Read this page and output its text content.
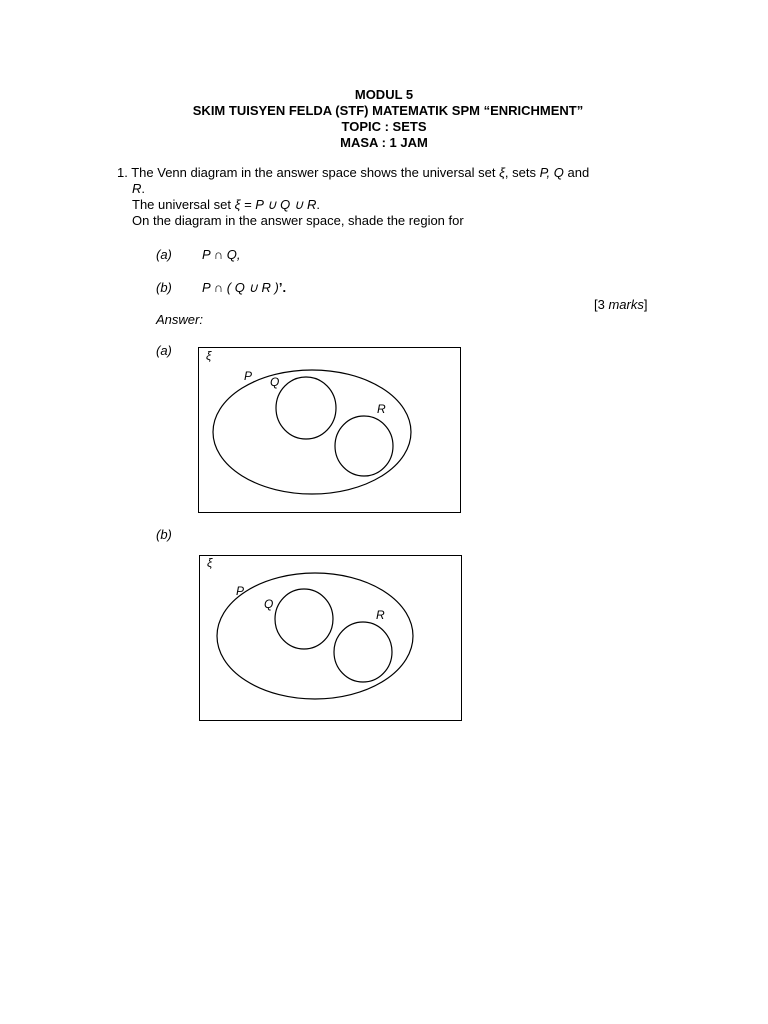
MODUL 5
SKIM TUISYEN FELDA (STF) MATEMATIK SPM “ENRICHMENT”
TOPIC : SETS
MASA : 1 JAM
1. The Venn diagram in the answer space shows the universal set ξ, sets P, Q and
R.
The universal set ξ = P ∪ Q ∪ R.
On the diagram in the answer space, shade the region for
(a) P ∩ Q,
(b) P ∩ ( Q ∪ R )’.
[3 marks]
Answer:
(a)	ξ
P Q
R
(b)
ξ
P
Q
R
